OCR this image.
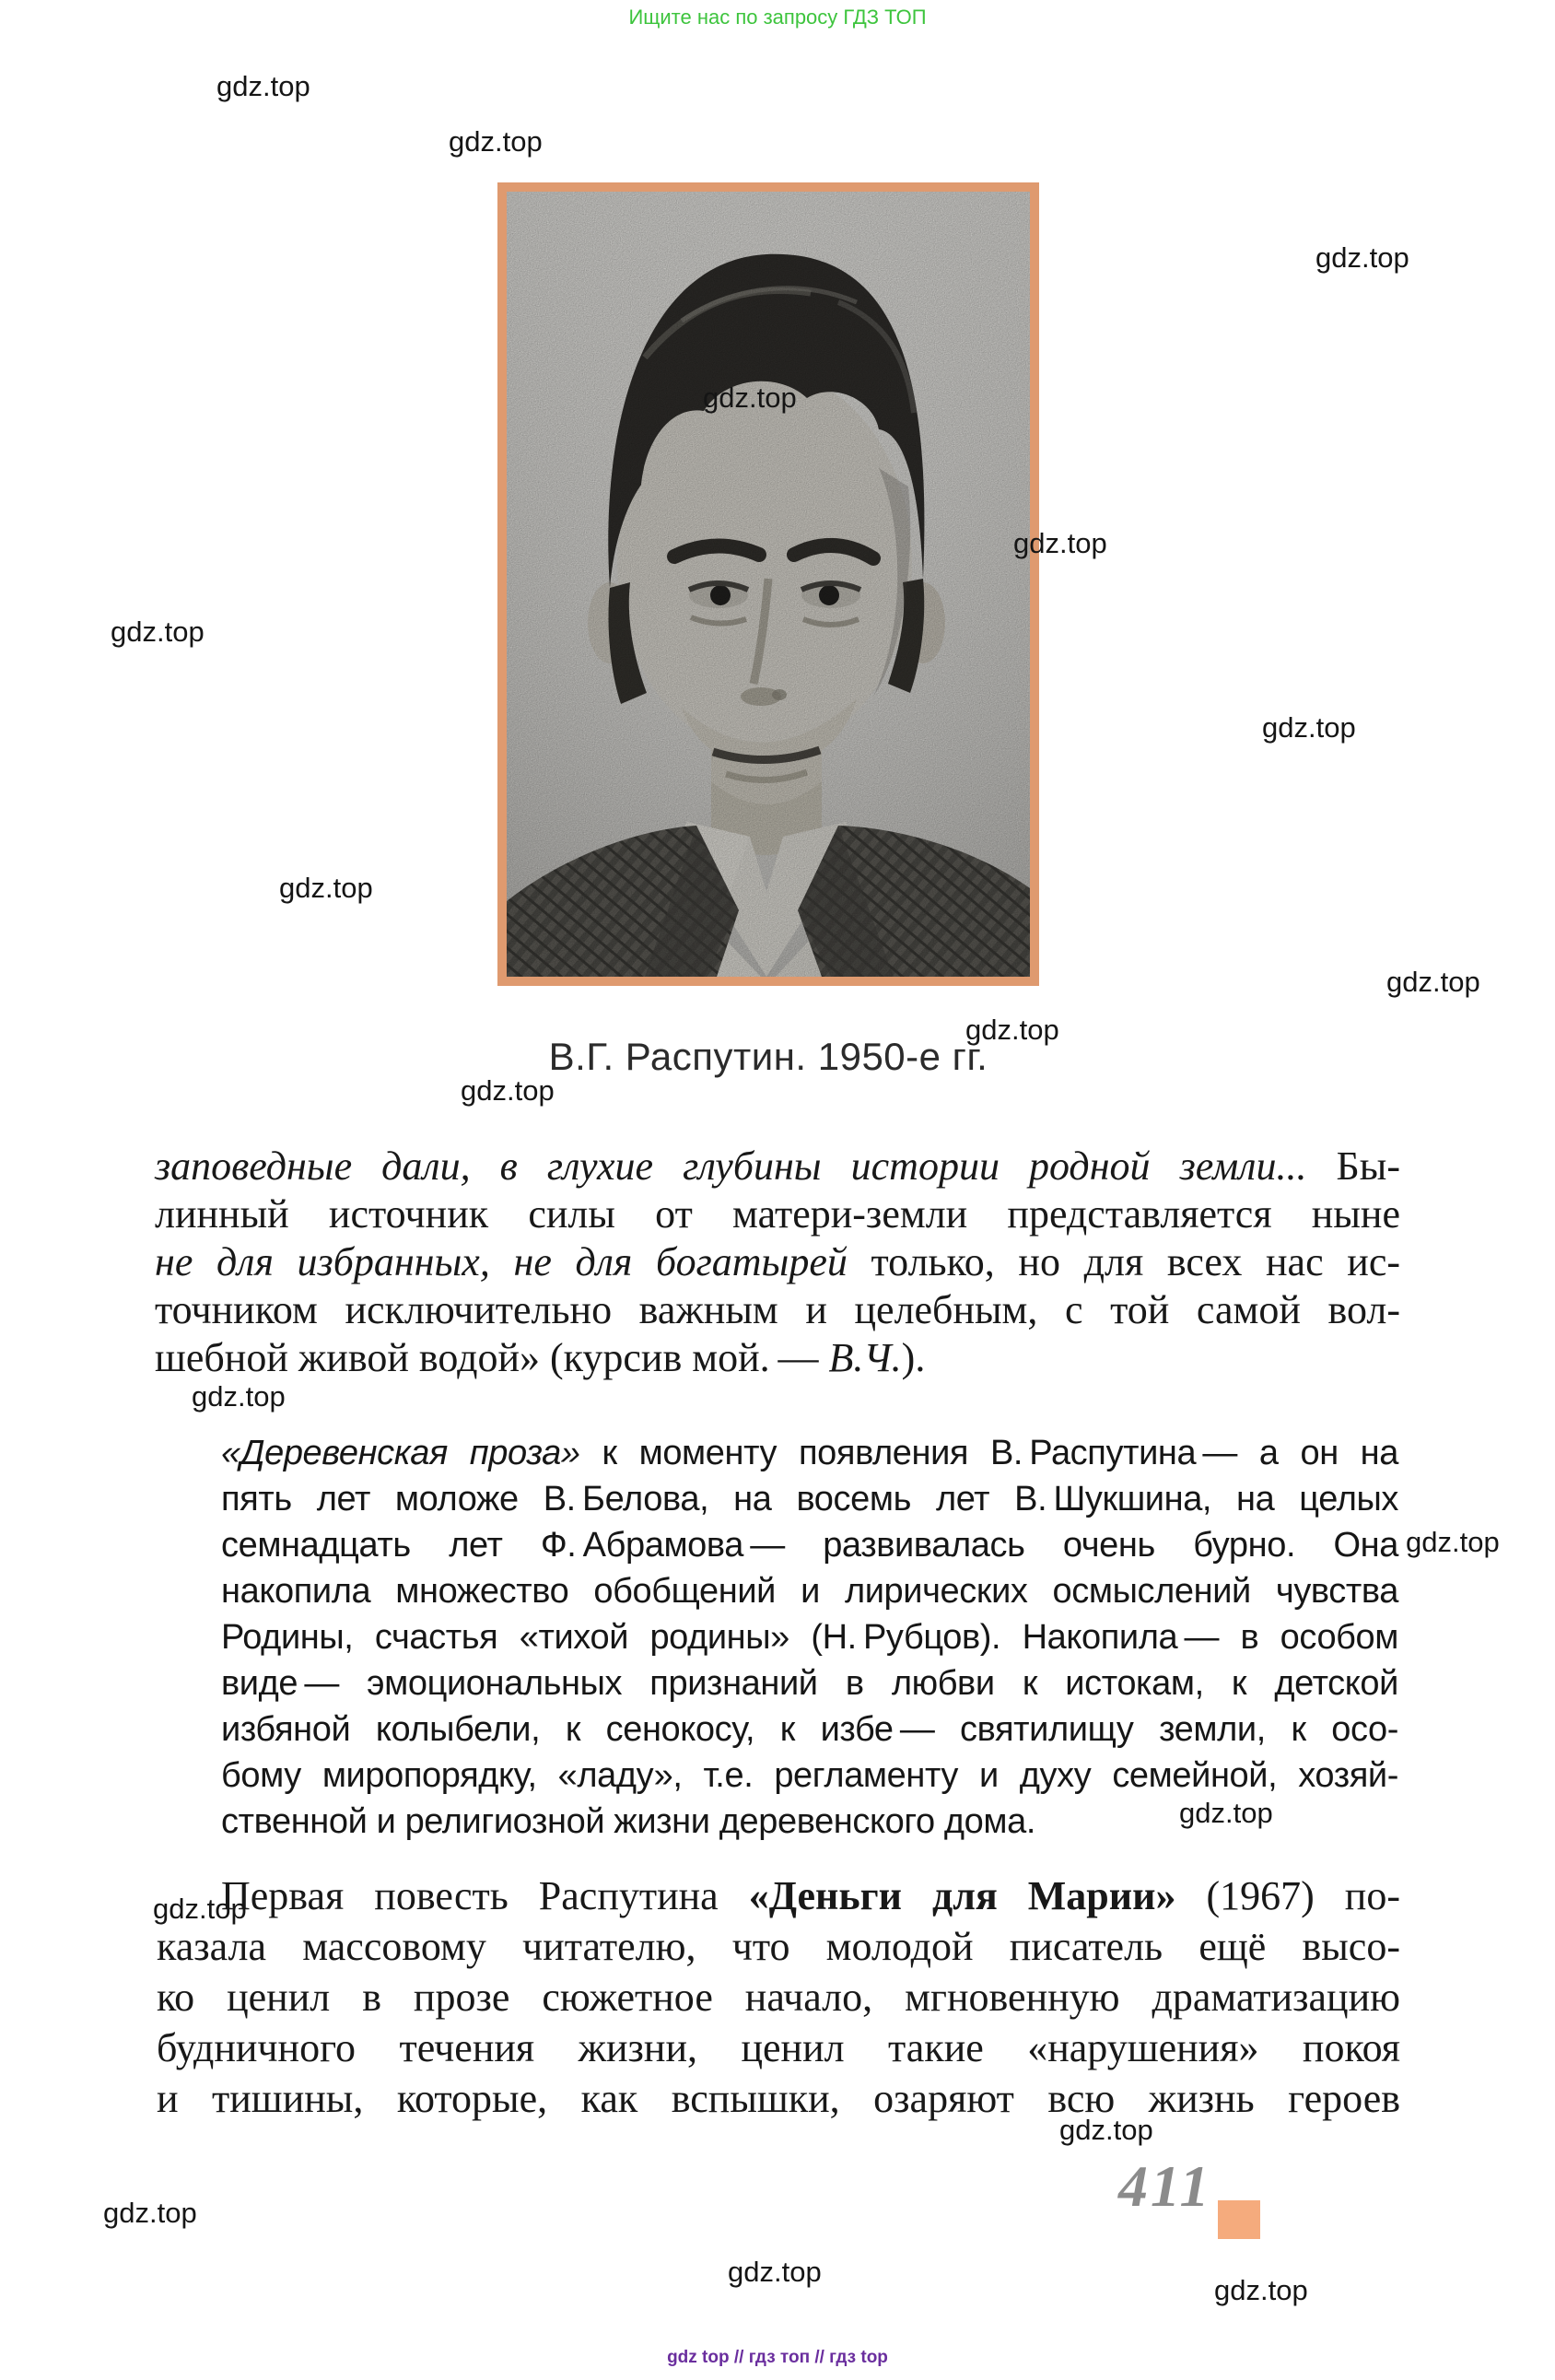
Ищите нас по запросу ГДЗ ТОП
В.Г. Распутин. 1950-е гг.
заповедные дали, в глухие глубины истории родной земли... Бы-
линный источник силы от матери-земли представляется ныне
не для избранных, не для богатырей только, но для всех нас ис-
точником исключительно важным и целебным, с той самой вол-
шебной живой водой» (курсив мой. — В.Ч.).
«Деревенская проза» к моменту появления В. Распутина — а он на
пять лет моложе В. Белова, на восемь лет В. Шукшина, на целых
семнадцать лет Ф. Абрамова — развивалась очень бурно. Она
накопила множество обобщений и лирических осмыслений чувства
Родины, счастья «тихой родины» (Н. Рубцов). Накопила — в особом
виде — эмоциональных признаний в любви к истокам, к детской
избяной колыбели, к сенокосу, к избе — святилищу земли, к осо-
бому миропорядку, «ладу», т.е. регламенту и духу семейной, хозяй-
ственной и религиозной жизни деревенского дома.
Первая повесть Распутина «Деньги для Марии» (1967) по-
казала массовому читателю, что молодой писатель ещё высо-
ко ценил в прозе сюжетное начало, мгновенную драматизацию
будничного течения жизни, ценил такие «нарушения» покоя
и тишины, которые, как вспышки, озаряют всю жизнь героев
411
gdz top // гдз топ // гдз top
gdz.top
gdz.top
gdz.top
gdz.top
gdz.top
gdz.top
gdz.top
gdz.top
gdz.top
gdz.top
gdz.top
gdz.top
gdz.top
gdz.top
gdz.top
gdz.top
gdz.top
gdz.top
gdz.top
